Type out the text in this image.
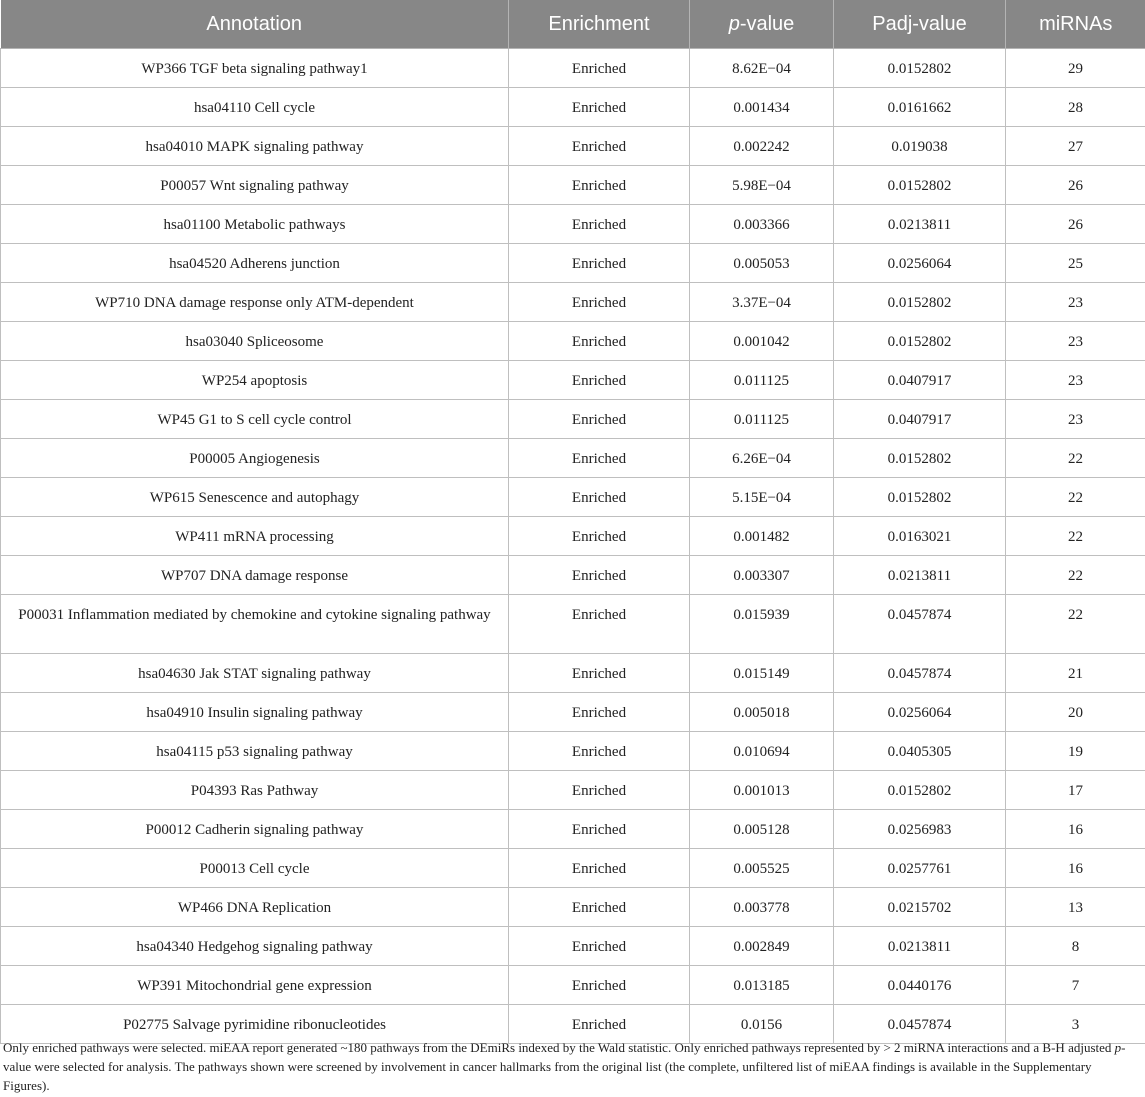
Annotation	Enrichment	p-value	Padj-value	miRNAs
WP366 TGF beta signaling pathway1	Enriched	8.62E−04	0.0152802	29
hsa04110 Cell cycle	Enriched	0.001434	0.0161662	28
hsa04010 MAPK signaling pathway	Enriched	0.002242	0.019038	27
P00057 Wnt signaling pathway	Enriched	5.98E−04	0.0152802	26
hsa01100 Metabolic pathways	Enriched	0.003366	0.0213811	26
hsa04520 Adherens junction	Enriched	0.005053	0.0256064	25
WP710 DNA damage response only ATM-dependent	Enriched	3.37E−04	0.0152802	23
hsa03040 Spliceosome	Enriched	0.001042	0.0152802	23
WP254 apoptosis	Enriched	0.011125	0.0407917	23
WP45 G1 to S cell cycle control	Enriched	0.011125	0.0407917	23
P00005 Angiogenesis	Enriched	6.26E−04	0.0152802	22
WP615 Senescence and autophagy	Enriched	5.15E−04	0.0152802	22
WP411 mRNA processing	Enriched	0.001482	0.0163021	22
WP707 DNA damage response	Enriched	0.003307	0.0213811	22
P00031 Inflammation mediated by chemokine and cytokine signaling pathway	Enriched	0.015939	0.0457874	22
hsa04630 Jak STAT signaling pathway	Enriched	0.015149	0.0457874	21
hsa04910 Insulin signaling pathway	Enriched	0.005018	0.0256064	20
hsa04115 p53 signaling pathway	Enriched	0.010694	0.0405305	19
P04393 Ras Pathway	Enriched	0.001013	0.0152802	17
P00012 Cadherin signaling pathway	Enriched	0.005128	0.0256983	16
P00013 Cell cycle	Enriched	0.005525	0.0257761	16
WP466 DNA Replication	Enriched	0.003778	0.0215702	13
hsa04340 Hedgehog signaling pathway	Enriched	0.002849	0.0213811	8
WP391 Mitochondrial gene expression	Enriched	0.013185	0.0440176	7
P02775 Salvage pyrimidine ribonucleotides	Enriched	0.0156	0.0457874	3

Only enriched pathways were selected. miEAA report generated ~180 pathways from the DEmiRs indexed by the Wald statistic. Only enriched pathways represented by > 2 miRNA interactions and a B-H adjusted p-value were selected for analysis. The pathways shown were screened by involvement in cancer hallmarks from the original list (the complete, unfiltered list of miEAA findings is available in the Supplementary Figures).
